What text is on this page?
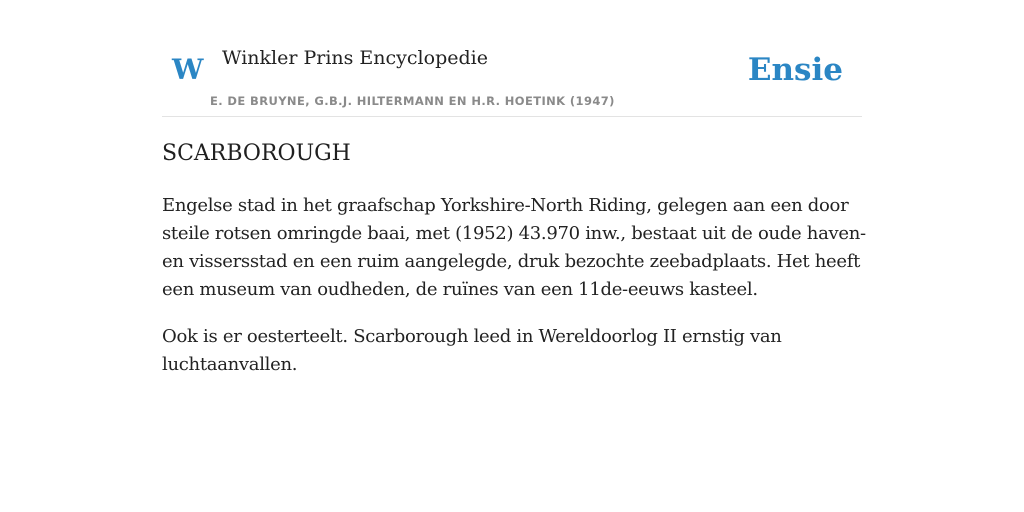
W Winkler Prins Encyclopedie
E. DE BRUYNE, G.B.J. HILTERMANN EN H.R. HOETINK (1947)
Ensie
SCARBOROUGH

Engelse stad in het graafschap Yorkshire-North Riding, gelegen aan een door steile rotsen omringde baai, met (1952) 43.970 inw., bestaat uit de oude haven- en vissersstad en een ruim aangelegde, druk bezochte zeebadplaats. Het heeft een museum van oudheden, de ruïnes van een 11de-eeuws kasteel.

Ook is er oesterteelt. Scarborough leed in Wereldoorlog II ernstig van luchtaanvallen.
